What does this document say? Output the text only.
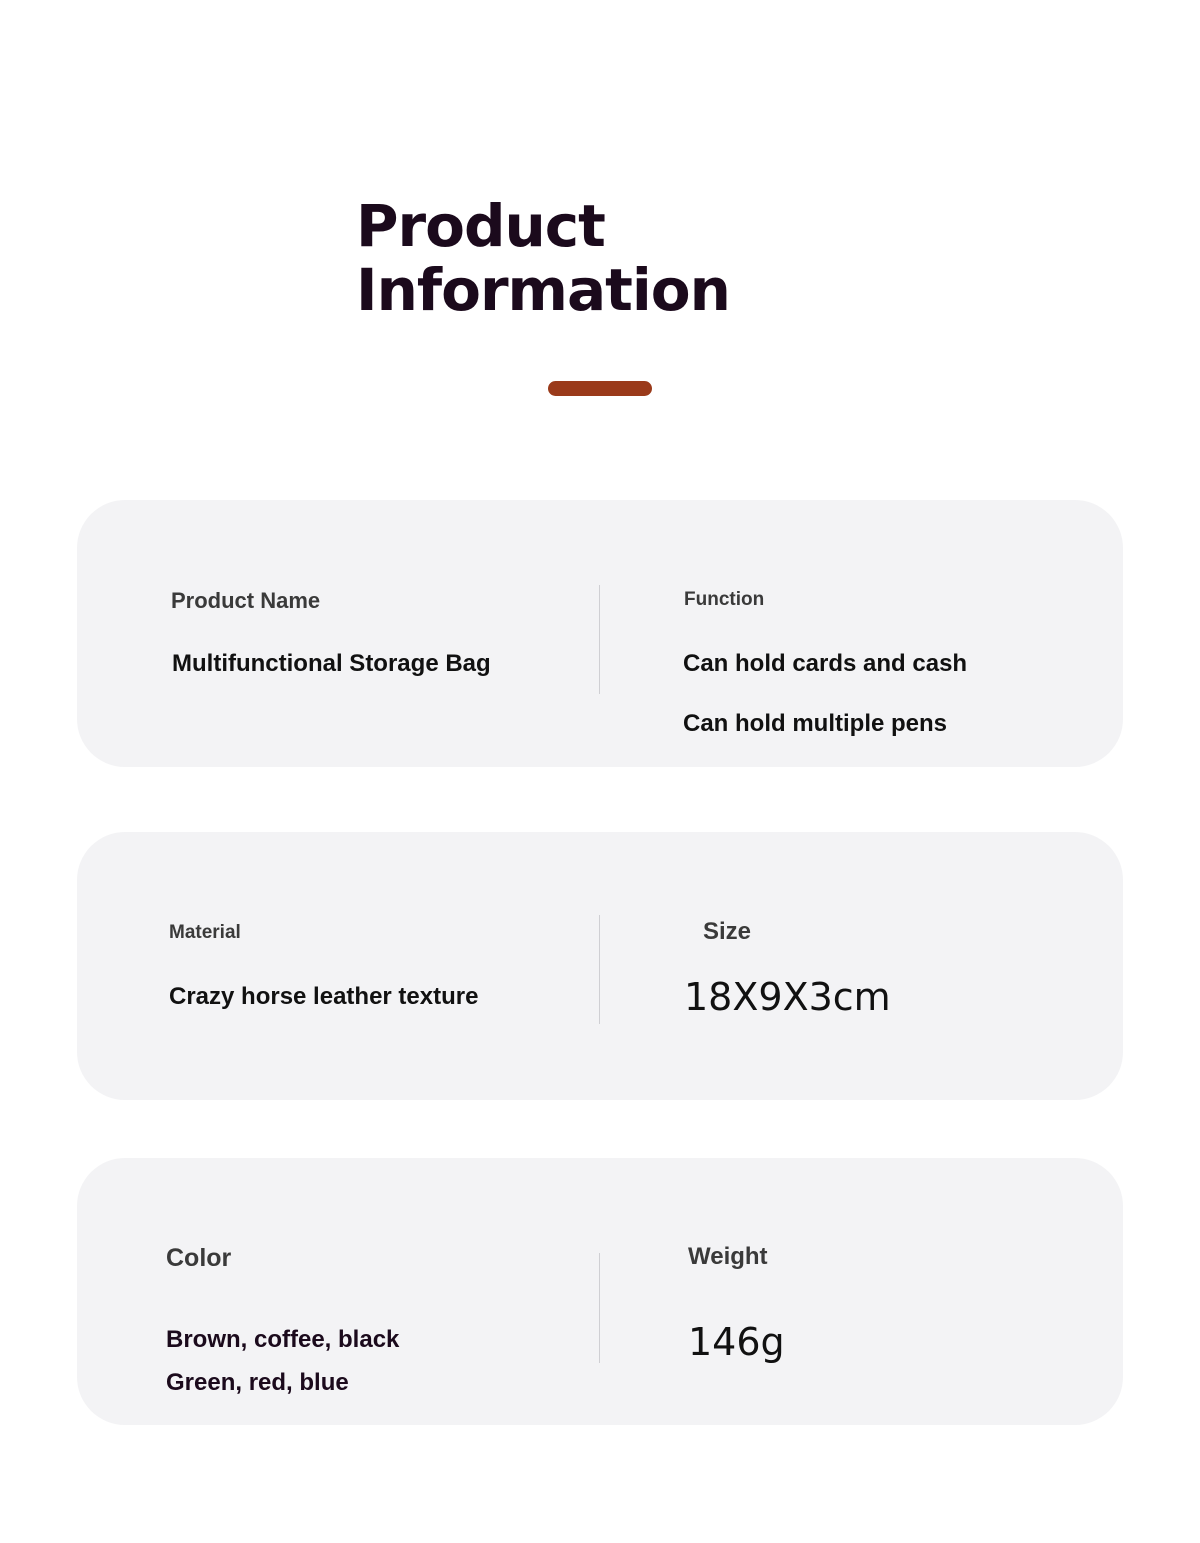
Product
Information

Product Name

Multifunctional Storage Bag

Function

Can hold cards and cash

Can hold multiple pens

Material

Crazy horse leather texture

Size

18X9X3cm

Color

Brown, coffee, black

Green, red, blue

Weight

146g
